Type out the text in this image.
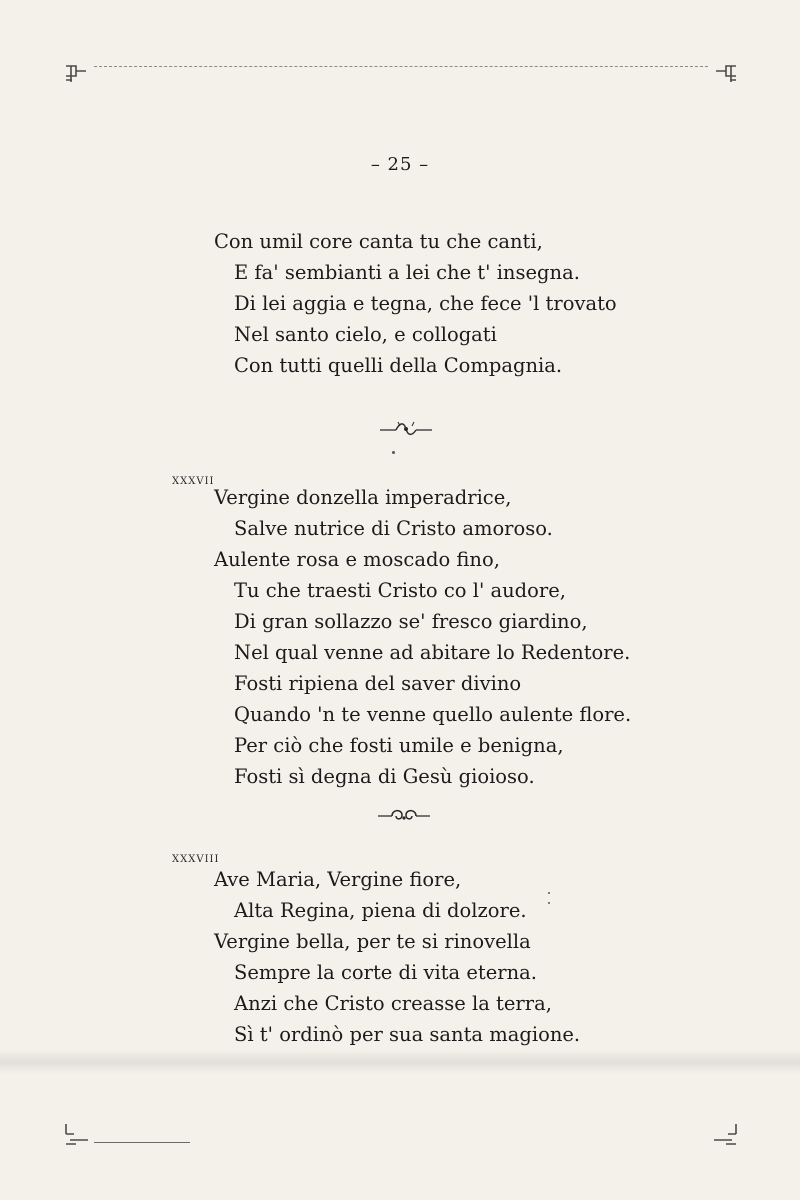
– 25 –
Con umil core canta tu che canti,
E fa' sembianti a lei che t' insegna.
Di lei aggia e tegna, che fece 'l trovato
Nel santo cielo, e collogati
Con tutti quelli della Compagnia.
XXXVII
Vergine donzella imperadrice,
Salve nutrice di Cristo amoroso.
Aulente rosa e moscado fino,
Tu che traesti Cristo co l' audore,
Di gran sollazzo se' fresco giardino,
Nel qual venne ad abitare lo Redentore.
Fosti ripiena del saver divino
Quando 'n te venne quello aulente flore.
Per ciò che fosti umile e benigna,
Fosti sì degna di Gesù gioioso.
XXXVIII
Ave Maria, Vergine fiore,
Alta Regina, piena di dolzore.
Vergine bella, per te si rinovella
Sempre la corte di vita eterna.
Anzi che Cristo creasse la terra,
Sì t' ordinò per sua santa magione.
